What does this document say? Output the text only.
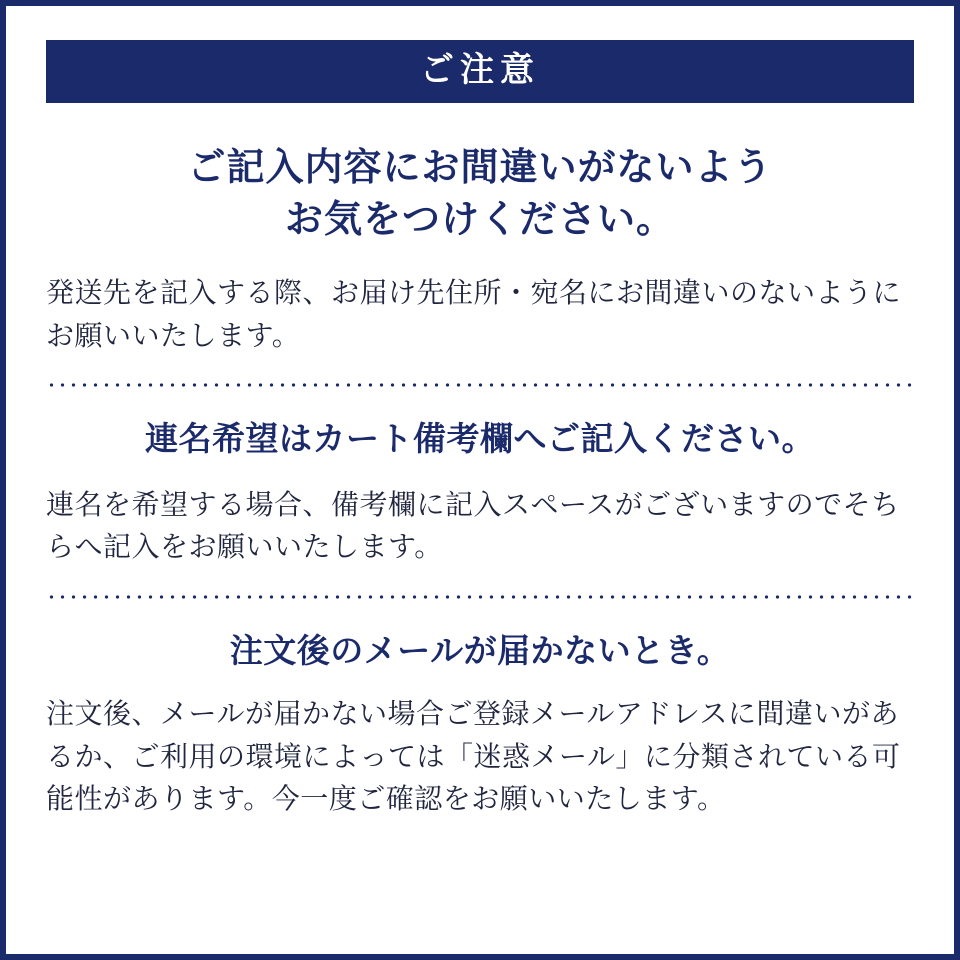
ご注意
ご記入内容にお間違いがないよう
お気をつけください。
発送先を記入する際、お届け先住所・宛名にお間違いのないようにお願いいたします。
連名希望はカート備考欄へご記入ください。
連名を希望する場合、備考欄に記入スペースがございますのでそちらへ記入をお願いいたします。
注文後のメールが届かないとき。
注文後、メールが届かない場合ご登録メールアドレスに間違いがあるか、ご利用の環境によっては「迷惑メール」に分類されている可能性があります。今一度ご確認をお願いいたします。
